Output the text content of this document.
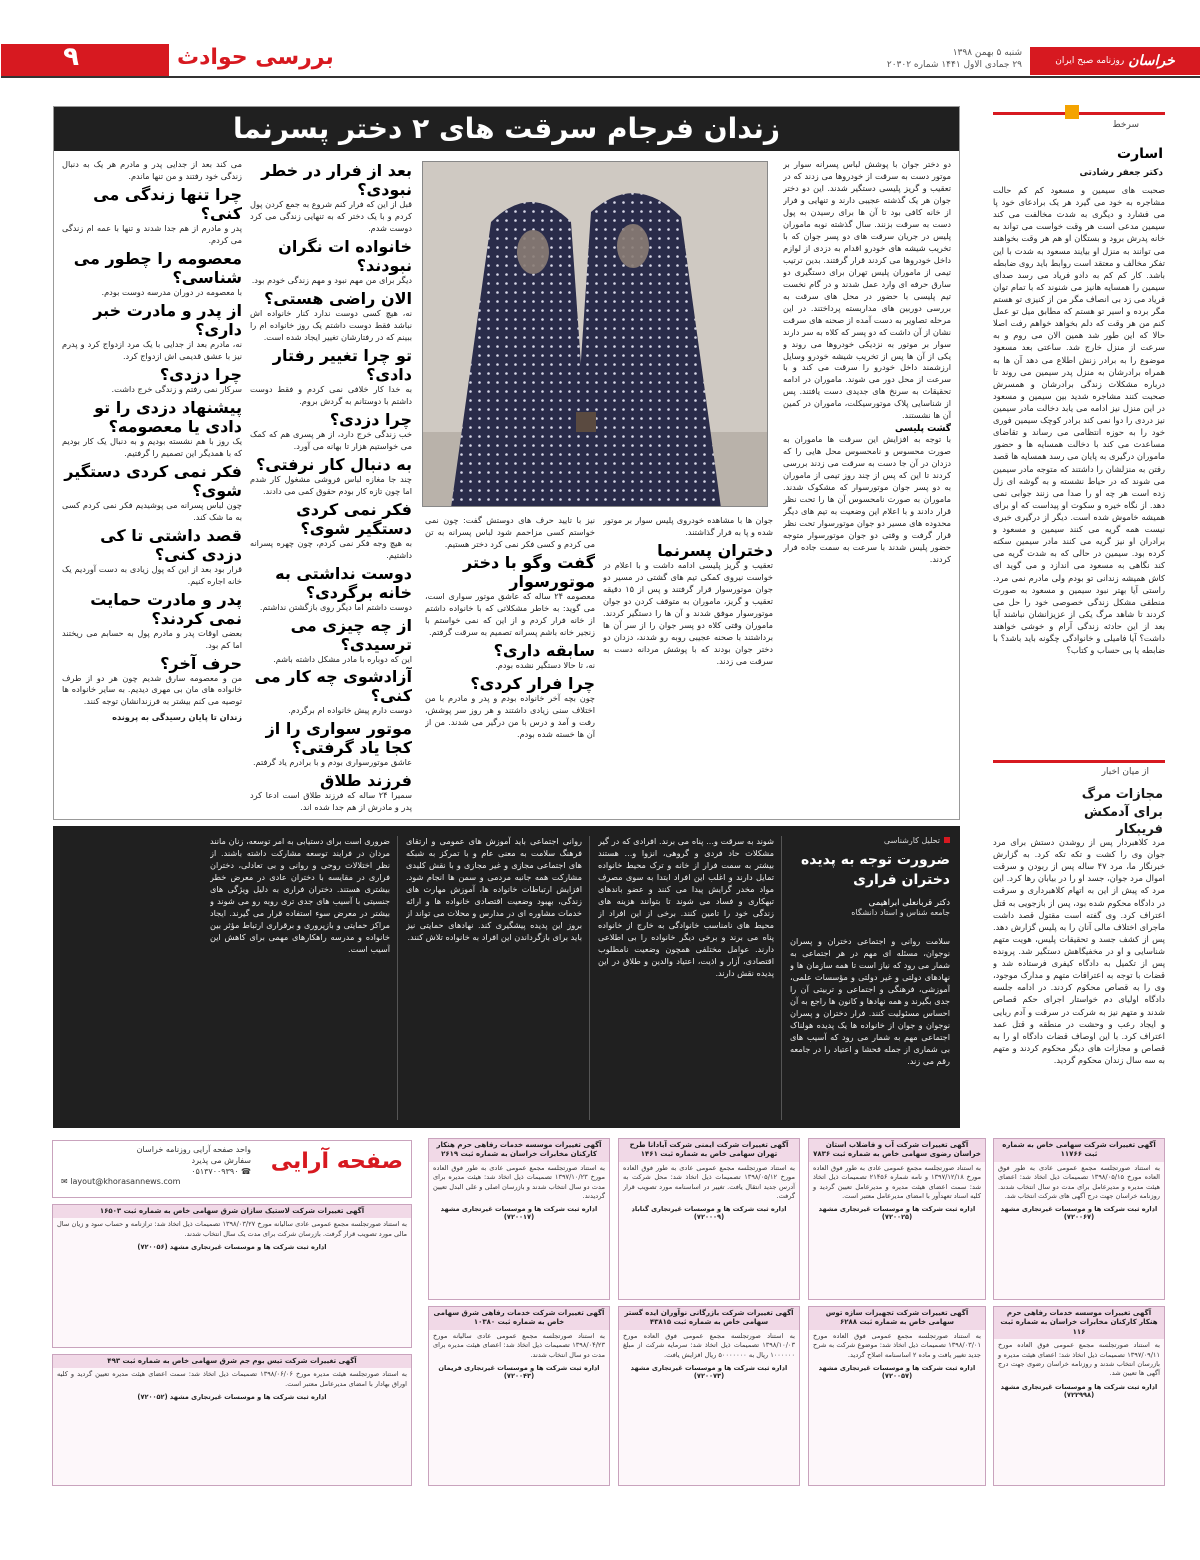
خراسان
روزنامه صبح ایران
شنبه ۵ بهمن ۱۳۹۸
۲۹ جمادی الاول ۱۴۴۱ شماره ۲۰۳۰۲
بررسی حوادث
۹
سرخط
اسارت
دکتر جعفر رشادتی
صحبت های سیمین و مسعود کم کم حالت مشاجره به خود می گیرد هر یک برادعای خود پا می فشارد و دیگری به شدت مخالفت می کند سیمین مدعی است هر وقت خواست می تواند به خانه پدرش برود و بستگان او هم هر وقت بخواهند می توانند به منزل او بیایند مسعود به شدت با این تفکر مخالف و معتقد است روابط باید روی ضابطه باشد. کار کم کم به دادو فریاد می رسد صدای سیمین را همسایه هانیز می شنوند که با تمام توان فریاد می زد بی انصاف مگر من از کنیزی تو هستم مگر برده و اسیر تو هستم که مطابق میل تو عمل کنم من هر وقت که دلم بخواهد خواهم رفت اصلا حالا که این طور شد همین الان می روم و به سرعت از منزل خارج شد. ساعتی بعد مسعود موضوع را به برادر زنش اطلاع می دهد آن ها به همراه برادرشان به منزل پدر سیمین می روند تا درباره مشکلات زندگی برادرشان و همسرش صحبت کنند مشاجره شدید بین سیمین و مسعود در این منزل نیز ادامه می یابد دخالت مادر سیمین نیز دردی را دوا نمی کند برادر کوچک سیمین فوری خود را به حوزه انتظامی می رساند و تقاضای مساعدت می کند با دخالت همسایه ها و حضور ماموران درگیری به پایان می رسد همسایه ها قصد رفتن به منزلشان را داشتند که متوجه مادر سیمین می شوند که در حیاط نشسته و به گوشه ای زل زده است هر چه او را صدا می زنند جوابی نمی دهد. از نگاه خیره و سکوت او پیداست که او برای همیشه خاموش شده است. دیگر از درگیری خبری نیست همه گریه می کنند سیمین و مسعود و برادران او نیز گریه می کنند مادر سیمین سکته کرده بود. سیمین در حالی که به شدت گریه می کند نگاهی به مسعود می اندازد و می گوید ای کاش همیشه زندانی تو بودم ولی مادرم نمی مرد. راستی آیا بهتر نبود سیمین و مسعود به صورت منطقی مشکل زندگی خصوصی خود را حل می کردند تا شاهد مرگ یکی از عزیزانشان نباشند آیا بعد از این حادثه زندگی آرام و خوشی خواهند داشت؟ آیا فامیلی و خانوادگی چگونه باید باشد؟ با ضابطه یا بی حساب و کتاب؟
از میان اخبار
مجازات مرگ برای آدمکش فریبکار
مرد کلاهبردار پس از روشدن دستش برای مرد جوان وی را کشت و تکه تکه کرد. به گزارش خبرنگار ما، مرد ۴۷ ساله پس از ربودن و سرقت اموال مرد جوان، جسد او را در بیابان رها کرد. این مرد که پیش از این به اتهام کلاهبرداری و سرقت در دادگاه محکوم شده بود، پس از بازجویی به قتل اعتراف کرد. وی گفته است مقتول قصد داشت ماجرای اختلاف مالی آنان را به پلیس گزارش دهد. پس از کشف جسد و تحقیقات پلیس، هویت متهم شناسایی و او در مخفیگاهش دستگیر شد. پرونده پس از تکمیل به دادگاه کیفری فرستاده شد و قضات با توجه به اعترافات متهم و مدارک موجود، وی را به قصاص محکوم کردند. در ادامه جلسه دادگاه اولیای دم خواستار اجرای حکم قصاص شدند و متهم نیز به شرکت در سرقت و آدم ربایی و ایجاد رعب و وحشت در منطقه و قتل عمد اعتراف کرد. با این اوصاف قضات دادگاه او را به قصاص و مجازات های دیگر محکوم کردند و متهم به سه سال زندان محکوم گردید.
زندان فرجام سرقت های ۲ دختر پسرنما
دو دختر جوان با پوشش لباس پسرانه سوار بر موتور دست به سرقت از خودروها می زدند که در تعقیب و گریز پلیسی دستگیر شدند. این دو دختر جوان هر یک گذشته عجیبی دارند و تنهایی و فرار از خانه کافی بود تا آن ها برای رسیدن به پول دست به سرقت بزنند. سال گذشته نوبه ماموران پلیس در جریان سرقت های دو پسر جوان که با تخریب شیشه های خودرو اقدام به دزدی از لوازم داخل خودروها می کردند قرار گرفتند. بدین ترتیب تیمی از ماموران پلیس تهران برای دستگیری دو سارق حرفه ای وارد عمل شدند و در گام نخست تیم پلیسی با حضور در محل های سرقت به بررسی دوربین های مداربسته پرداختند. در این مرحله تصاویر به دست آمده از صحنه های سرقت نشان از آن داشت که دو پسر که کلاه به سر دارند سوار بر موتور به نزدیکی خودروها می روند و یکی از آن ها پس از تخریب شیشه خودرو وسایل ارزشمند داخل خودرو را سرقت می کند و با سرعت از محل دور می شوند. ماموران در ادامه تحقیقات به سرنخ های جدیدی دست یافتند. پس از شناسایی پلاک موتورسیکلت، ماموران در کمین آن ها نشستند.
گشت پلیسی
با توجه به افزایش این سرقت ها ماموران به صورت محسوس و نامحسوس محل هایی را که دزدان در آن جا دست به سرقت می زدند بررسی کردند تا این که پس از چند روز تیمی از ماموران به دو پسر جوان موتورسوار که مشکوک شدند. ماموران به صورت نامحسوس آن ها را تحت نظر قرار دادند و با اعلام این وضعیت به تیم های دیگر محدوده های مسیر دو جوان موتورسوار تحت نظر قرار گرفت و وقتی دو جوان موتورسوار متوجه حضور پلیس شدند با سرعت به سمت جاده فرار کردند.
جوان ها با مشاهده خودروی پلیس سوار بر موتور شده و پا به فرار گذاشتند.
دختران پسرنما
تعقیب و گریز پلیسی ادامه داشت و با اعلام در خواست نیروی کمکی تیم های گشتی در مسیر دو جوان موتورسوار قرار گرفتند و پس از ۱۵ دقیقه تعقیب و گریز، ماموران به متوقف کردن دو جوان موتورسوار موفق شدند و آن ها را دستگیر کردند. ماموران وقتی کلاه دو پسر جوان را از سر آن ها برداشتند با صحنه عجیبی روبه رو شدند، دزدان دو دختر جوان بودند که با پوشش مردانه دست به سرقت می زدند.
نیز با تایید حرف های دوستش گفت: چون نمی خواستم کسی مزاحمم شود لباس پسرانه به تن می کردم و کسی فکر نمی کرد دختر هستیم.
گفت وگو با دختر موتورسوار
معصومه ۲۴ ساله که عاشق موتور سواری است، می گوید: به خاطر مشکلاتی که با خانواده داشتم از خانه فرار کردم و از این که نمی خواستم با زنجیر خانه باشم پسرانه تصمیم به سرقت گرفتم.
سابقه داری؟
نه، تا حالا دستگیر نشده بودم.
چرا فرار کردی؟
چون بچه آخر خانواده بودم و پدر و مادرم با من اختلاف سنی زیادی داشتند و هر روز سر پوشش، رفت و آمد و درس با من درگیر می شدند. من از آن ها خسته شده بودم.
بعد از فرار در خطر نبودی؟
قبل از این که فرار کنم شروع به جمع کردن پول کردم و با یک دختر که به تنهایی زندگی می کرد دوست شدم.
خانواده ات نگران نبودند؟
دیگر برای من مهم نبود و مهم زندگی خودم بود.
الان راضی هستی؟
نه، هیچ کسی دوست ندارد کنار خانواده اش نباشد فقط دوست داشتم یک روز خانواده ام را ببینم که در رفتارشان تغییر ایجاد شده است.
تو چرا تغییر رفتار دادی؟
به خدا کار خلافی نمی کردم و فقط دوست داشتم با دوستانم به گردش بروم.
چرا دزدی؟
خب زندگی خرج دارد، از هر پسری هم که کمک می خواستیم هزار تا بهانه می آورد.
به دنبال کار نرفتی؟
چند جا مغازه لباس فروشی مشغول کار شدم اما چون تازه کار بودم حقوق کمی می دادند.
فکر نمی کردی دستگیر شوی؟
به هیچ وجه فکر نمی کردم، چون چهره پسرانه داشتیم.
دوست نداشتی به خانه برگردی؟
دوست داشتم اما دیگر روی بازگشتن نداشتم.
از چه چیزی می ترسیدی؟
این که دوباره با مادر مشکل داشته باشم.
آزادشوی چه کار می کنی؟
دوست دارم پیش خانواده ام برگردم.
موتور سواری را از کجا یاد گرفتی؟
عاشق موتورسواری بودم و با برادرم یاد گرفتم.
فرزند طلاق
سمیرا ۲۴ ساله که فرزند طلاق است ادعا کرد پدر و مادرش از هم جدا شده اند.
می کند بعد از جدایی پدر و مادرم هر یک به دنبال زندگی خود رفتند و من تنها ماندم.
چرا تنها زندگی می کنی؟
پدر و مادرم از هم جدا شدند و تنها با عمه ام زندگی می کردم.
معصومه را چطور می شناسی؟
با معصومه در دوران مدرسه دوست بودم.
از پدر و مادرت خبر داری؟
نه، مادرم بعد از جدایی با یک مرد ازدواج کرد و پدرم نیز با عشق قدیمی اش ازدواج کرد.
چرا دزدی؟
سرکار نمی رفتم و زندگی خرج داشت.
پیشنهاد دزدی را تو دادی یا معصومه؟
یک روز با هم نشسته بودیم و به دنبال یک کار بودیم که با همدیگر این تصمیم را گرفتیم.
فکر نمی کردی دستگیر شوی؟
چون لباس پسرانه می پوشیدیم فکر نمی کردم کسی به ما شک کند.
قصد داشتی تا کی دزدی کنی؟
قرار بود بعد از این که پول زیادی به دست آوردیم یک خانه اجاره کنیم.
پدر و مادرت حمایت نمی کردند؟
بعضی اوقات پدر و مادرم پول به حسابم می ریختند اما کم بود.
حرف آخر؟
من و معصومه سارق شدیم چون هر دو از طرف خانواده های مان بی مهری دیدیم. به سایر خانواده ها توصیه می کنم بیشتر به فرزندانشان توجه کنند.
زندان تا پایان رسیدگی به پرونده
تحلیل کارشناسی
ضرورت توجه به پدیده دختران فراری
دکتر قربانعلی ابراهیمی
جامعه شناس و استاد دانشگاه
سلامت روانی و اجتماعی دختران و پسران نوجوان، مسئله ای مهم در هر اجتماعی به شمار می رود که نیاز است تا همه سازمان ها و نهادهای دولتی و غیر دولتی و مؤسسات علمی، آموزشی، فرهنگی و اجتماعی و تربیتی آن را جدی بگیرند و همه نهادها و کانون ها راجع به آن احساس مسئولیت کنند. فرار دختران و پسران نوجوان و جوان از خانواده ها یک پدیده هولناک اجتماعی مهم به شمار می رود که آسیب های بی شماری از جمله فحشا و اعتیاد را در جامعه رقم می زند.
شوند به سرقت و... پناه می برند. افرادی که در گیر مشکلات حاد فردی و گروهی، انزوا و... هستند بیشتر به سمت فرار از خانه و ترک محیط خانواده تمایل دارند و اغلب این افراد ابتدا به سوی مصرف مواد مخدر گرایش پیدا می کنند و عضو باندهای تبهکاری و فساد می شوند تا بتوانند هزینه های زندگی خود را تامین کنند. برخی از این افراد از محیط های نامناسب خانوادگی به خارج از خانواده پناه می برند و برخی دیگر خانواده را بی اطلاعی دارند. عوامل مختلفی همچون وضعیت نامطلوب اقتصادی، آزار و اذیت، اعتیاد والدین و طلاق در این پدیده نقش دارند.
روانی اجتماعی باید آموزش های عمومی و ارتقای فرهنگ سلامت به معنی عام و با تمرکز به شبکه های اجتماعی مجازی و غیر مجازی و با نقش کلیدی مشارکت همه جانبه مردمی و سمن ها انجام شود. افزایش ارتباطات خانواده ها، آموزش مهارت های زندگی، بهبود وضعیت اقتصادی خانواده ها و ارائه خدمات مشاوره ای در مدارس و محلات می تواند از بروز این پدیده پیشگیری کند. نهادهای حمایتی نیز باید برای بازگرداندن این افراد به خانواده تلاش کنند.
ضروری است برای دستیابی به امر توسعه، زنان مانند مردان در فرایند توسعه مشارکت داشته باشند. از نظر اختلالات روحی و روانی و بی تعادلی، دختران فراری در مقایسه با دختران عادی در معرض خطر بیشتری هستند. دختران فراری به دلیل ویژگی های جنسیتی با آسیب های جدی تری روبه رو می شوند و بیشتر در معرض سوء استفاده قرار می گیرند. ایجاد مراکز حمایتی و بازپروری و برقراری ارتباط مؤثر بین خانواده و مدرسه راهکارهای مهمی برای کاهش این آسیب است.
صفحه آرایی
واحد صفحه آرایی روزنامه خراسان
سفارش می پذیرد
☎ ۰۵۱۳۷۰۰۹۳۹۰
✉ layout@khorasannews.com
آگهی تغییرات شرکت سهامی خاص به شماره ثبت ۱۱۷۶۶
به استناد صورتجلسه مجمع عمومی عادی به طور فوق العاده مورخ ۱۳۹۸/۰۵/۱۵ تصمیمات ذیل اتخاذ شد: اعضای هیئت مدیره و مدیرعامل برای مدت دو سال انتخاب شدند. روزنامه خراسان جهت درج آگهی های شرکت انتخاب شد.
اداره ثبت شرکت ها و موسسات غیرتجاری مشهد (۷۲۰۰۶۷)
آگهی تغییرات شرکت آب و فاضلاب استان خراسان رضوی سهامی خاص به شماره ثبت ۷۸۳۶
به استناد صورتجلسه مجمع عمومی عادی به طور فوق العاده مورخ ۱۳۹۷/۱۲/۱۸ و نامه شماره ۲۱۴۵۶ تصمیمات ذیل اتخاذ شد: سمت اعضای هیئت مدیره و مدیرعامل تعیین گردید و کلیه اسناد تعهدآور با امضای مدیرعامل معتبر است.
اداره ثبت شرکت ها و موسسات غیرتجاری مشهد (۷۲۰۰۲۵)
آگهی تغییرات شرکت ایمنی شرکت آبادانا طرح تهران سهامی خاص به شماره ثبت ۱۴۶۱
به استناد صورتجلسه مجمع عمومی عادی به طور فوق العاده مورخ ۱۳۹۸/۰۵/۱۲ تصمیمات ذیل اتخاذ شد: محل شرکت به آدرس جدید انتقال یافت. تغییر در اساسنامه مورد تصویب قرار گرفت.
اداره ثبت شرکت ها و موسسات غیرتجاری گناباد (۷۲۰۰۰۹)
آگهی تغییرات موسسه خدمات رفاهی حرم هنکار کارکنان مخابرات خراسان به شماره ثبت ۲۶۱۹
به استناد صورتجلسه مجمع عمومی عادی به طور فوق العاده مورخ ۱۳۹۷/۱۰/۲۳ تصمیمات ذیل اتخاذ شد: هیئت مدیره برای مدت دو سال انتخاب شدند و بازرسان اصلی و علی البدل تعیین گردیدند.
اداره ثبت شرکت ها و موسسات غیرتجاری مشهد (۷۲۰۰۱۷)
آگهی تغییرات شرکت لاستیک سازان شرق سهامی خاص به شماره ثبت ۱۶۵۰۳
به استناد صورتجلسه مجمع عمومی عادی سالیانه مورخ ۱۳۹۸/۰۳/۲۷ تصمیمات ذیل اتخاذ شد: ترازنامه و حساب سود و زیان سال مالی مورد تصویب قرار گرفت. بازرسان شرکت برای مدت یک سال انتخاب شدند.
اداره ثبت شرکت ها و موسسات غیرتجاری مشهد (۷۲۰۰۵۶)
آگهی تغییرات موسسه خدمات رفاهی حرم هنکار کارکنان مخابرات خراسان به شماره ثبت ۱۱۶
به استناد صورتجلسه مجمع عمومی فوق العاده مورخ ۱۳۹۷/۰۹/۱۱ تصمیمات ذیل اتخاذ شد: اعضای هیئت مدیره و بازرسان انتخاب شدند و روزنامه خراسان رضوی جهت درج آگهی ها تعیین شد.
اداره ثبت شرکت ها و موسسات غیرتجاری مشهد (۷۲۲۹۹۸)
آگهی تغییرات شرکت تجهیزات سازه توس سهامی خاص به شماره ثبت ۶۲۸۸
به استناد صورتجلسه مجمع عمومی فوق العاده مورخ ۱۳۹۸/۰۳/۰۱ تصمیمات ذیل اتخاذ شد: موضوع شرکت به شرح جدید تغییر یافت و ماده ۲ اساسنامه اصلاح گردید.
اداره ثبت شرکت ها و موسسات غیرتجاری مشهد (۷۲۰۰۵۷)
آگهی تغییرات شرکت بازرگانی نوآوران ایده گستر سهامی خاص به شماره ثبت ۴۳۸۱۵
به استناد صورتجلسه مجمع عمومی فوق العاده مورخ ۱۳۹۸/۱۰/۰۳ تصمیمات ذیل اتخاذ شد: سرمایه شرکت از مبلغ ۱۰۰۰۰۰۰ ریال به ۵۰۰۰۰۰۰۰ ریال افزایش یافت.
اداره ثبت شرکت ها و موسسات غیرتجاری مشهد (۷۲۰۰۷۳)
آگهی تغییرات شرکت خدمات رفاهی شرق سهامی خاص به شماره ثبت ۱۰۳۸۰
به استناد صورتجلسه مجمع عمومی عادی سالیانه مورخ ۱۳۹۸/۰۴/۲۳ تصمیمات ذیل اتخاذ شد: اعضای هیئت مدیره برای مدت دو سال انتخاب شدند.
اداره ثبت شرکت ها و موسسات غیرتجاری فریمان (۷۲۰۰۴۳)
آگهی تغییرات شرکت تیس بوم جم شرق سهامی خاص به شماره ثبت ۴۹۳
به استناد صورتجلسه هیئت مدیره مورخ ۱۳۹۸/۰۶/۰۶ تصمیمات ذیل اتخاذ شد: سمت اعضای هیئت مدیره تعیین گردید و کلیه اوراق بهادار با امضای مدیرعامل معتبر است.
اداره ثبت شرکت ها و موسسات غیرتجاری مشهد (۷۲۰۰۵۲)
